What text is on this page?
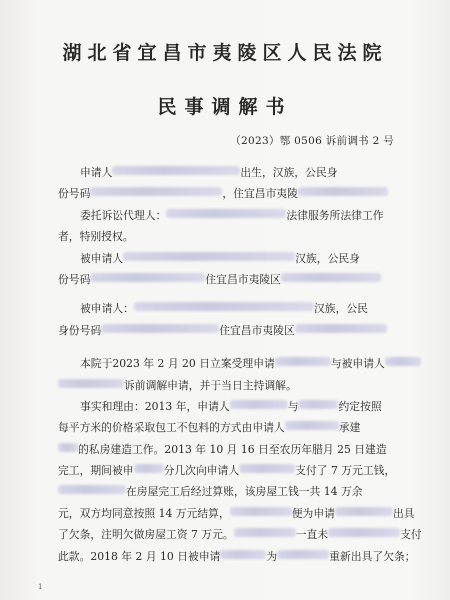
湖北省宜昌市夷陵区人民法院
民事调解书
（2023）鄂 0506 诉前调书 2 号
申请人	出生，汉族，公民身
份号码	，住宜昌市夷陵
委托诉讼代理人：	法律服务所法律工作
者，特别授权。
被申请人	汉族，公民身
份号码	住宜昌市夷陵区
被申请人：	汉族，公民
身份号码	住宜昌市夷陵区
本院于2023 年 2 月 20 日立案受理申请	与被申请人
诉前调解申请，并于当日主持调解。
事实和理由：2013 年，申请人	与	约定按照
每平方米的价格采取包工不包料的方式由申请人	承建
的私房建造工作。2013 年 10 月 16 日至农历年腊月 25 日建造
完工，期间被申	分几次向申请人	支付了 7 万元工钱，
在房屋完工后经过算账，该房屋工钱一共 14 万余
元，双方均同意按照 14 万元结算，	便为申请	出具
了欠条，注明欠做房屋工资 7 万元。	一直未	支付
此款。2018 年 2 月 10 日被申请	为	重新出具了欠条；
1
